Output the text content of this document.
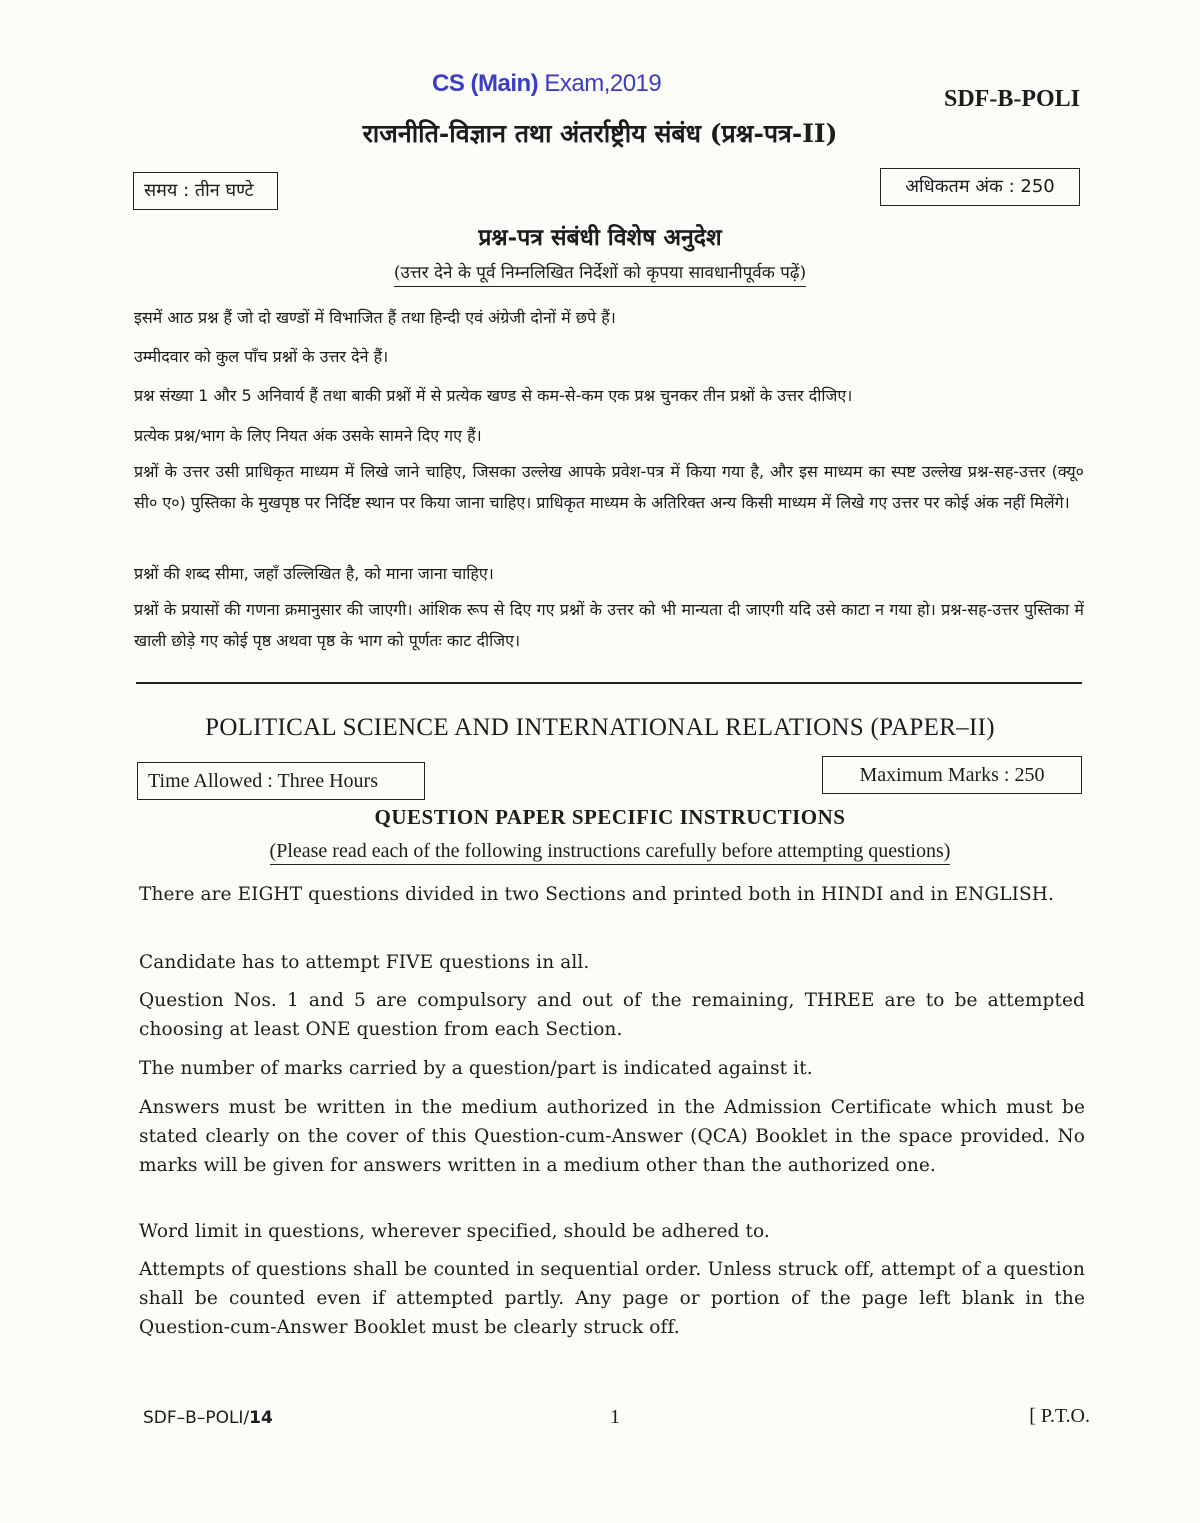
CS (Main) Exam,2019
SDF-B-POLI
राजनीति-विज्ञान तथा अंतर्राष्ट्रीय संबंध (प्रश्न-पत्र-II)
समय : तीन घण्टे	अधिकतम अंक : 250
प्रश्न-पत्र संबंधी विशेष अनुदेश
(उत्तर देने के पूर्व निम्नलिखित निर्देशों को कृपया सावधानीपूर्वक पढ़ें)
इसमें आठ प्रश्न हैं जो दो खण्डों में विभाजित हैं तथा हिन्दी एवं अंग्रेजी दोनों में छपे हैं।
उम्मीदवार को कुल पाँच प्रश्नों के उत्तर देने हैं।
प्रश्न संख्या 1 और 5 अनिवार्य हैं तथा बाकी प्रश्नों में से प्रत्येक खण्ड से कम-से-कम एक प्रश्न चुनकर तीन प्रश्नों के उत्तर दीजिए।
प्रत्येक प्रश्न/भाग के लिए नियत अंक उसके सामने दिए गए हैं।
प्रश्नों के उत्तर उसी प्राधिकृत माध्यम में लिखे जाने चाहिए, जिसका उल्लेख आपके प्रवेश-पत्र में किया गया है, और इस माध्यम का स्पष्ट उल्लेख प्रश्न-सह-उत्तर (क्यू० सी० ए०) पुस्तिका के मुखपृष्ठ पर निर्दिष्ट स्थान पर किया जाना चाहिए। प्राधिकृत माध्यम के अतिरिक्त अन्य किसी माध्यम में लिखे गए उत्तर पर कोई अंक नहीं मिलेंगे।
प्रश्नों की शब्द सीमा, जहाँ उल्लिखित है, को माना जाना चाहिए।
प्रश्नों के प्रयासों की गणना क्रमानुसार की जाएगी। आंशिक रूप से दिए गए प्रश्नों के उत्तर को भी मान्यता दी जाएगी यदि उसे काटा न गया हो। प्रश्न-सह-उत्तर पुस्तिका में खाली छोड़े गए कोई पृष्ठ अथवा पृष्ठ के भाग को पूर्णतः काट दीजिए।
POLITICAL SCIENCE AND INTERNATIONAL RELATIONS (PAPER–II)
Time Allowed : Three Hours	Maximum Marks : 250
QUESTION PAPER SPECIFIC INSTRUCTIONS
(Please read each of the following instructions carefully before attempting questions)
There are EIGHT questions divided in two Sections and printed both in HINDI and in ENGLISH.
Candidate has to attempt FIVE questions in all.
Question Nos. 1 and 5 are compulsory and out of the remaining, THREE are to be attempted choosing at least ONE question from each Section.
The number of marks carried by a question/part is indicated against it.
Answers must be written in the medium authorized in the Admission Certificate which must be stated clearly on the cover of this Question-cum-Answer (QCA) Booklet in the space provided. No marks will be given for answers written in a medium other than the authorized one.
Word limit in questions, wherever specified, should be adhered to.
Attempts of questions shall be counted in sequential order. Unless struck off, attempt of a question shall be counted even if attempted partly. Any page or portion of the page left blank in the Question-cum-Answer Booklet must be clearly struck off.
SDF–B–POLI/14	1	[ P.T.O.
